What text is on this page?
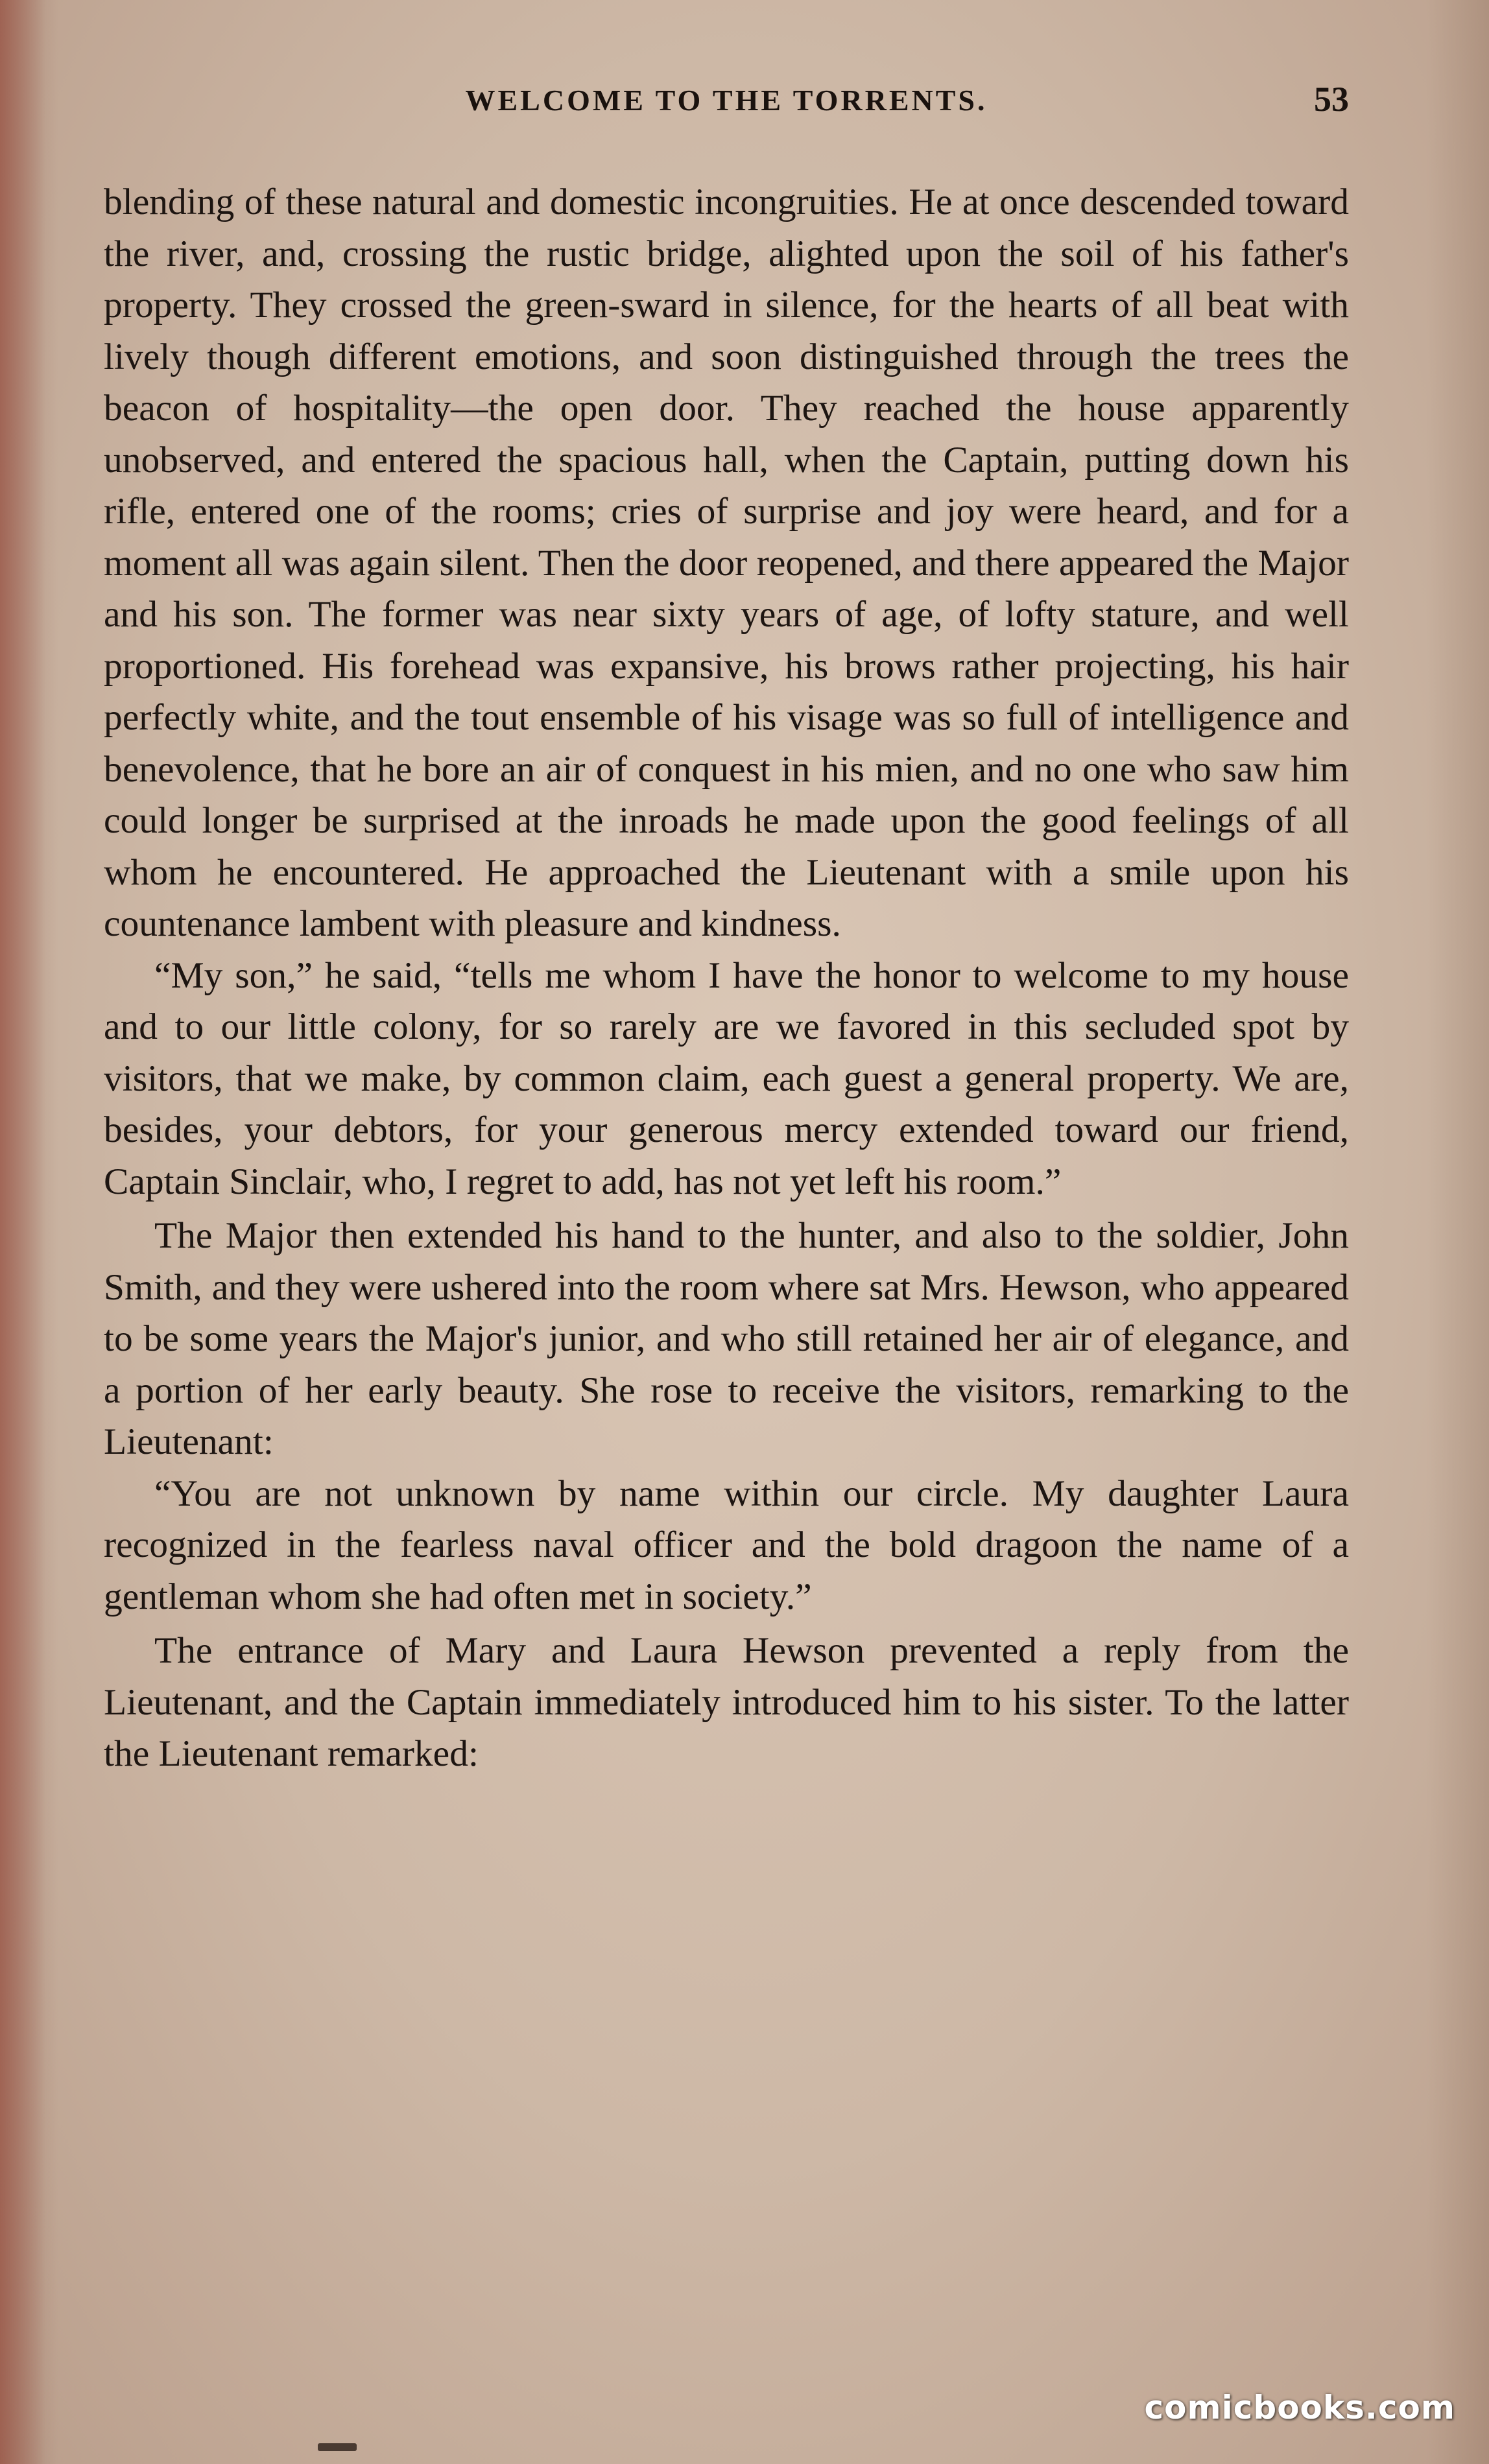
WELCOME TO THE TORRENTS.	53

blending of these natural and domestic incongruities. He at once descended toward the river, and, crossing the rustic bridge, alighted upon the soil of his father's property. They crossed the green-sward in silence, for the hearts of all beat with lively though different emotions, and soon distinguished through the trees the beacon of hospitality—the open door. They reached the house apparently unobserved, and entered the spacious hall, when the Captain, putting down his rifle, entered one of the rooms; cries of surprise and joy were heard, and for a moment all was again silent. Then the door reopened, and there appeared the Major and his son. The former was near sixty years of age, of lofty stature, and well proportioned. His forehead was expansive, his brows rather projecting, his hair perfectly white, and the tout ensemble of his visage was so full of intelligence and benevolence, that he bore an air of conquest in his mien, and no one who saw him could longer be surprised at the inroads he made upon the good feelings of all whom he encountered. He approached the Lieutenant with a smile upon his countenance lambent with pleasure and kindness.

“My son,” he said, “tells me whom I have the honor to welcome to my house and to our little colony, for so rarely are we favored in this secluded spot by visitors, that we make, by common claim, each guest a general property. We are, besides, your debtors, for your generous mercy extended toward our friend, Captain Sinclair, who, I regret to add, has not yet left his room.”

The Major then extended his hand to the hunter, and also to the soldier, John Smith, and they were ushered into the room where sat Mrs. Hewson, who appeared to be some years the Major's junior, and who still retained her air of elegance, and a portion of her early beauty. She rose to receive the visitors, remarking to the Lieutenant:

“You are not unknown by name within our circle. My daughter Laura recognized in the fearless naval officer and the bold dragoon the name of a gentleman whom she had often met in society.”

The entrance of Mary and Laura Hewson prevented a reply from the Lieutenant, and the Captain immediately introduced him to his sister. To the latter the Lieutenant remarked:

comicbooks.com
